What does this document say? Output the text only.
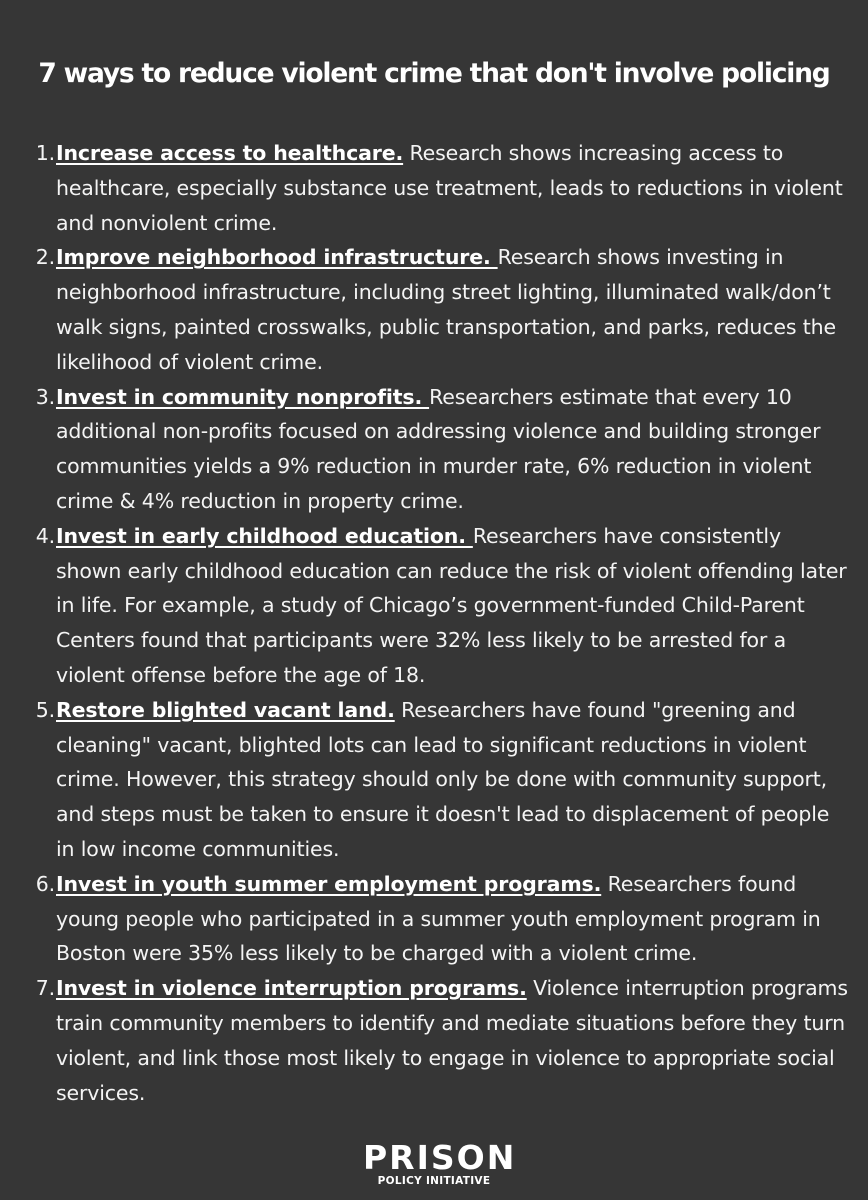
7 ways to reduce violent crime that don't involve policing
1. Increase access to healthcare. Research shows increasing access to healthcare, especially substance use treatment, leads to reductions in violent and nonviolent crime.
2. Improve neighborhood infrastructure. Research shows investing in neighborhood infrastructure, including street lighting, illuminated walk/don’t walk signs, painted crosswalks, public transportation, and parks, reduces the likelihood of violent crime.
3. Invest in community nonprofits. Researchers estimate that every 10 additional non-profits focused on addressing violence and building stronger communities yields a 9% reduction in murder rate, 6% reduction in violent crime & 4% reduction in property crime.
4. Invest in early childhood education. Researchers have consistently shown early childhood education can reduce the risk of violent offending later in life. For example, a study of Chicago’s government-funded Child-Parent Centers found that participants were 32% less likely to be arrested for a violent offense before the age of 18.
5. Restore blighted vacant land. Researchers have found "greening and cleaning" vacant, blighted lots can lead to significant reductions in violent crime. However, this strategy should only be done with community support, and steps must be taken to ensure it doesn't lead to displacement of people in low income communities.
6. Invest in youth summer employment programs. Researchers found young people who participated in a summer youth employment program in Boston were 35% less likely to be charged with a violent crime.
7. Invest in violence interruption programs. Violence interruption programs train community members to identify and mediate situations before they turn violent, and link those most likely to engage in violence to appropriate social services.
PRISON
POLICY INITIATIVE
